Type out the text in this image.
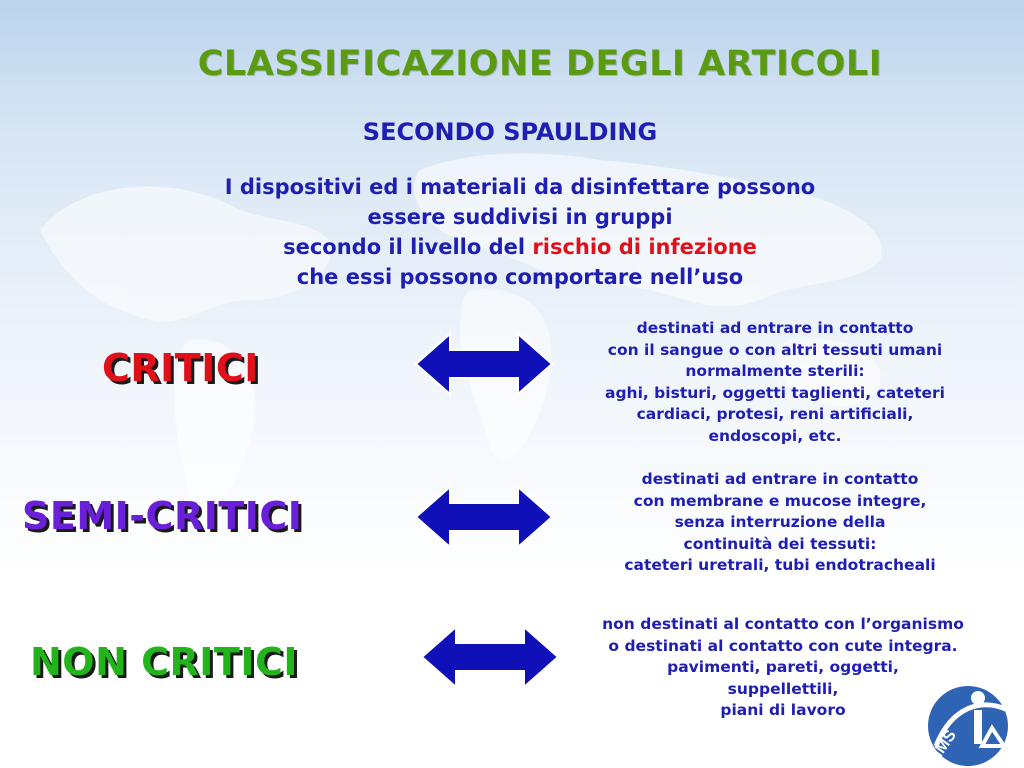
CLASSIFICAZIONE DEGLI ARTICOLI
SECONDO SPAULDING
I dispositivi ed i materiali da disinfettare possono
essere suddivisi in gruppi
secondo il livello del rischio di infezione
che essi possono comportare nell’uso
CRITICI
destinati ad entrare in contatto
con il sangue o con altri tessuti umani
normalmente sterili:
aghi, bisturi, oggetti taglienti, cateteri
cardiaci, protesi, reni artificiali,
endoscopi, etc.
SEMI-CRITICI
destinati ad entrare in contatto
con membrane e mucose integre,
senza interruzione della
continuità dei tessuti:
cateteri uretrali, tubi endotracheali
NON CRITICI
non destinati al contatto con l’organismo
o destinati al contatto con cute integra.
pavimenti, pareti, oggetti,
suppellettili,
piani di lavoro
IMS
